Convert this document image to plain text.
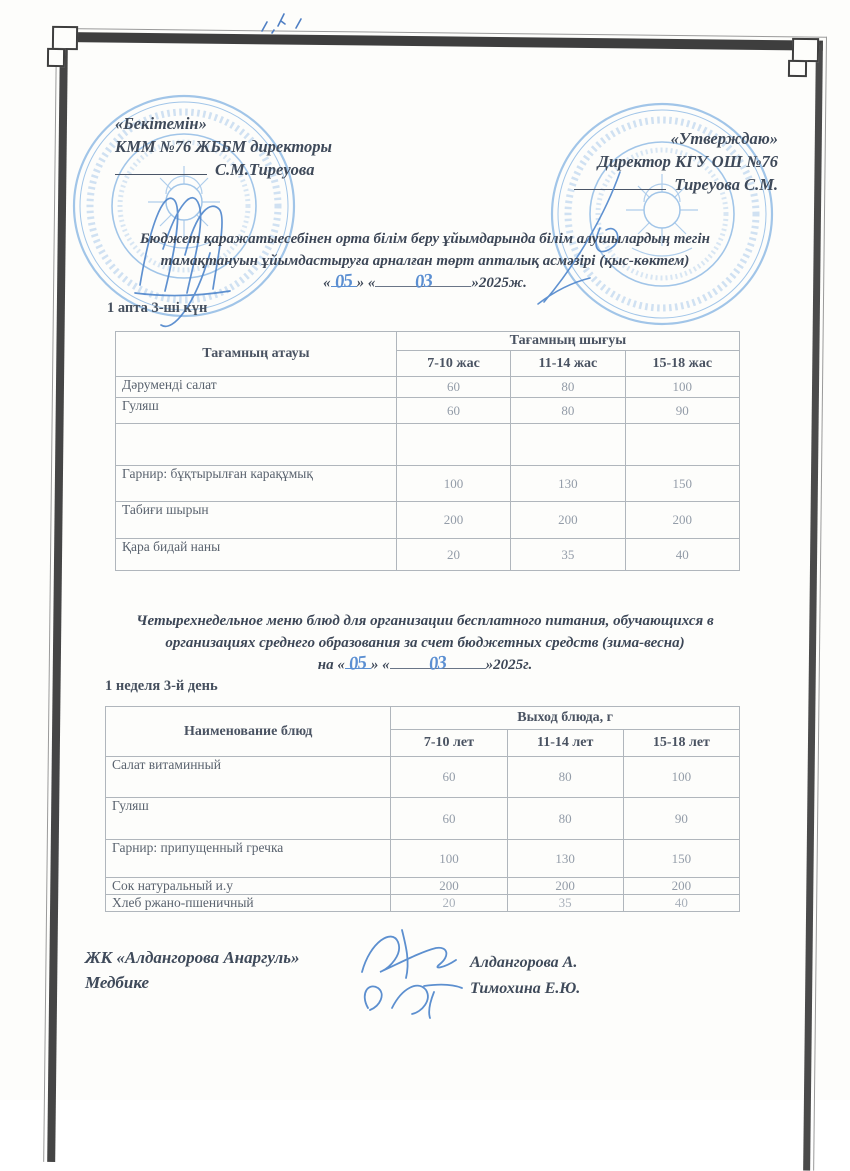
«Бекітемін»
КММ №76 ЖББМ директоры
С.М.Тиреуова
«Утверждаю»
Директор КГУ ОШ №76
Тиреуова С.М.
Бюджет қаражатыесебінен орта білім беру ұйымдарында білім алушылардың тегін
тамақтануын ұйымдастыруға арналған төрт апталық асмәзірі (қыс-көктем)
« 05 » « 03	»2025ж.
1 апта 3-ші күн
Тағамның атауы	Тағамның шығуы		
	7-10 жас	11-14 жас	15-18 жас
Дәруменді салат	60	80	100
Гуляш	60	80	90

Гарнир: бұқтырылған карақұмық	100	130	150
Табиғи шырын	200	200	200
Қара бидай наны	20	35	40
Четырехнедельное меню блюд для организации бесплатного питания, обучающихся в
организациях среднего образования за счет бюджетных средств (зима-весна)
на « 05 » « 03	»2025г.
1 неделя 3-й день
Наименование блюд	Выход блюда, г		
	7-10 лет	11-14 лет	15-18 лет
Салат витаминный	60	80	100
Гуляш	60	80	90
Гарнир: припущенный гречка	100	130	150
Сок натуральный и.у	200	200	200
Хлеб ржано-пшеничный	20	35	40
ЖК «Алдангорова Анаргуль»
Медбике
Алдангорова А.
Тимохина Е.Ю.
